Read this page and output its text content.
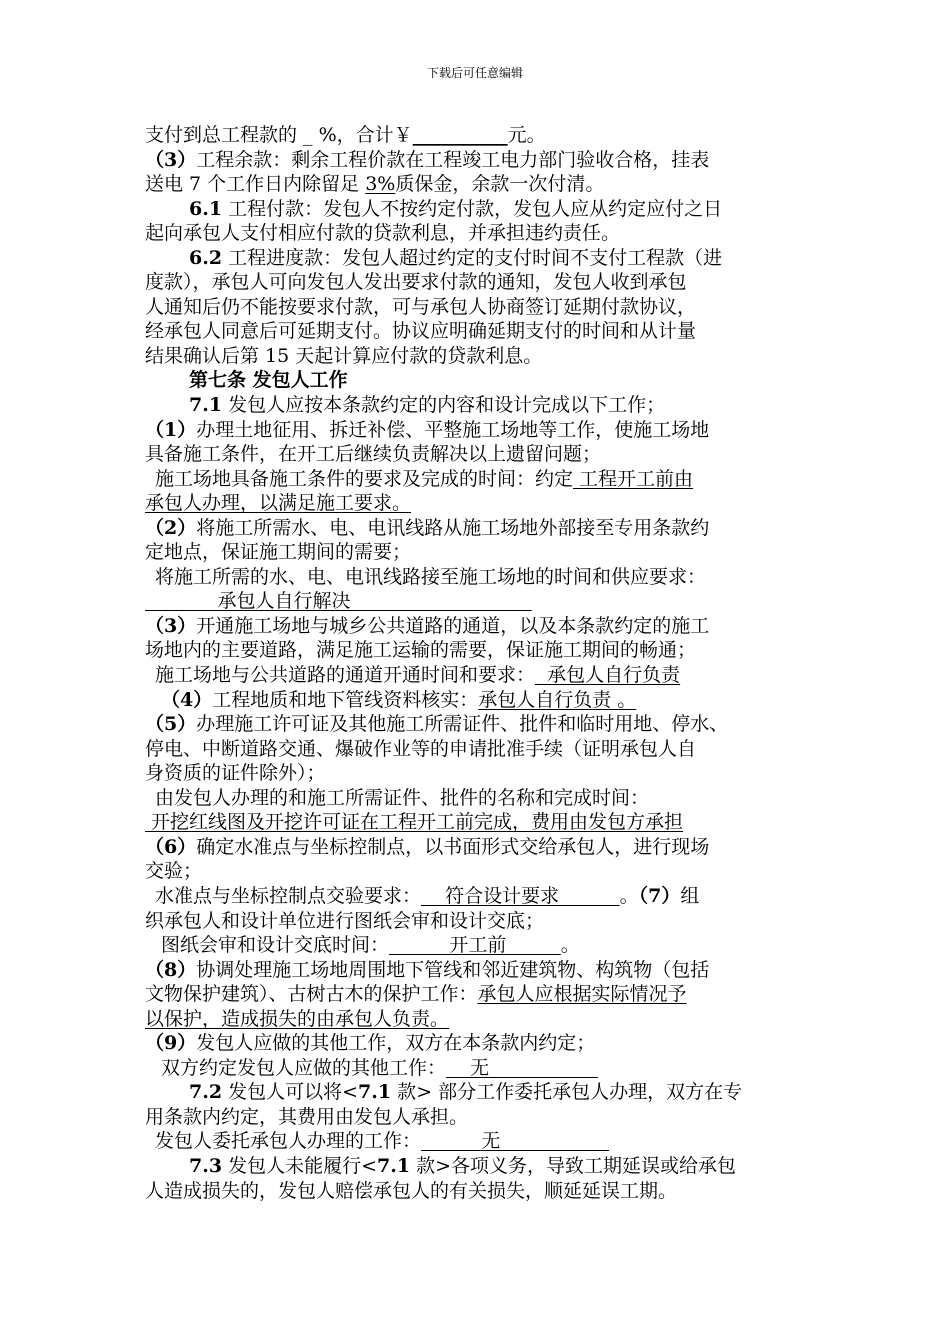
下载后可任意编辑
支付到总工程款的 _ %，合计￥__________元。
（3）工程余款：剩余工程价款在工程竣工电力部门验收合格，挂表
送电 7 个工作日内除留足 3%质保金，余款一次付清。
6.1 工程付款：发包人不按约定付款，发包人应从约定应付之日
起向承包人支付相应付款的贷款利息，并承担违约责任。
6.2 工程进度款：发包人超过约定的支付时间不支付工程款（进
度款），承包人可向发包人发出要求付款的通知，发包人收到承包
人通知后仍不能按要求付款，可与承包人协商签订延期付款协议，
经承包人同意后可延期支付。协议应明确延期支付的时间和从计量
结果确认后第 15 天起计算应付款的贷款利息。
第七条 发包人工作
7.1 发包人应按本条款约定的内容和设计完成以下工作；
（1）办理土地征用、拆迁补偿、平整施工场地等工作，使施工场地
具备施工条件，在开工后继续负责解决以上遗留问题；
施工场地具备施工条件的要求及完成的时间：约定 工程开工前由
承包人办理，以满足施工要求。
（2）将施工所需水、电、电讯线路从施工场地外部接至专用条款约
定地点，保证施工期间的需要；
将施工所需的水、电、电讯线路接至施工场地的时间和供应要求：
承包人自行解决
（3）开通施工场地与城乡公共道路的通道，以及本条款约定的施工
场地内的主要道路，满足施工运输的需要，保证施工期间的畅通；
施工场地与公共道路的通道开通时间和要求：  承包人自行负责
（4）工程地质和地下管线资料核实：承包人自行负责 。
（5）办理施工许可证及其他施工所需证件、批件和临时用地、停水、
停电、中断道路交通、爆破作业等的申请批准手续（证明承包人自
身资质的证件除外）；
由发包人办理的和施工所需证件、批件的名称和完成时间：
开挖红线图及开挖许可证在工程开工前完成，费用由发包方承担
（6）确定水准点与坐标控制点，以书面形式交给承包人，进行现场
交验；
水准点与坐标控制点交验要求：    符合设计要求          。（7）组
织承包人和设计单位进行图纸会审和设计交底；
图纸会审和设计交底时间：          开工前         。
（8）协调处理施工场地周围地下管线和邻近建筑物、构筑物（包括
文物保护建筑）、古树古木的保护工作：承包人应根据实际情况予
以保护，造成损失的由承包人负责。
（9）发包人应做的其他工作，双方在本条款内约定；
双方约定发包人应做的其他工作：    无
7.2 发包人可以将<7.1 款> 部分工作委托承包人办理，双方在专
用条款内约定，其费用由发包人承担。
发包人委托承包人办理的工作：          无
7.3 发包人未能履行<7.1 款>各项义务，导致工期延误或给承包
人造成损失的，发包人赔偿承包人的有关损失，顺延延误工期。
